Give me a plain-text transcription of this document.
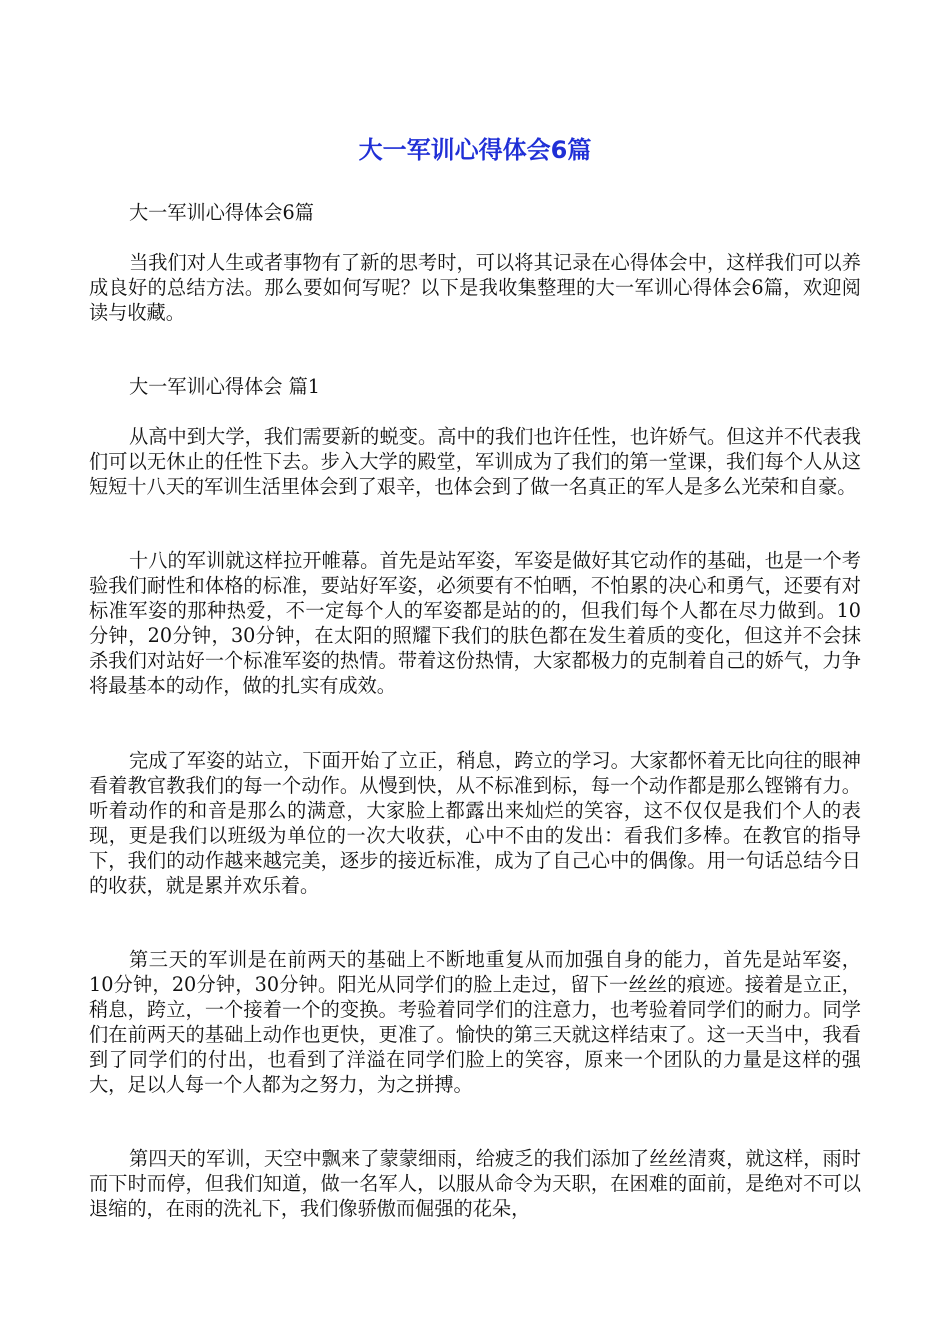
大一军训心得体会6篇

大一军训心得体会6篇

当我们对人生或者事物有了新的思考时，可以将其记录在心得体会中，这样我们可以养成良好的总结方法。那么要如何写呢？以下是我收集整理的大一军训心得体会6篇，欢迎阅读与收藏。

大一军训心得体会 篇1

从高中到大学，我们需要新的蜕变。高中的我们也许任性，也许娇气。但这并不代表我们可以无休止的任性下去。步入大学的殿堂，军训成为了我们的第一堂课，我们每个人从这短短十八天的军训生活里体会到了艰辛，也体会到了做一名真正的军人是多么光荣和自豪。

十八的军训就这样拉开帷幕。首先是站军姿，军姿是做好其它动作的基础，也是一个考验我们耐性和体格的标准，要站好军姿，必须要有不怕晒，不怕累的决心和勇气，还要有对标准军姿的那种热爱，不一定每个人的军姿都是站的的，但我们每个人都在尽力做到。10分钟，20分钟，30分钟，在太阳的照耀下我们的肤色都在发生着质的变化，但这并不会抹杀我们对站好一个标准军姿的热情。带着这份热情，大家都极力的克制着自己的娇气，力争将最基本的动作，做的扎实有成效。

完成了军姿的站立，下面开始了立正，稍息，跨立的学习。大家都怀着无比向往的眼神看着教官教我们的每一个动作。从慢到快，从不标准到标，每一个动作都是那么铿锵有力。听着动作的和音是那么的满意，大家脸上都露出来灿烂的笑容，这不仅仅是我们个人的表现，更是我们以班级为单位的一次大收获，心中不由的发出：看我们多棒。在教官的指导下，我们的动作越来越完美，逐步的接近标准，成为了自己心中的偶像。用一句话总结今日的收获，就是累并欢乐着。

第三天的军训是在前两天的基础上不断地重复从而加强自身的能力，首先是站军姿，10分钟，20分钟，30分钟。阳光从同学们的脸上走过，留下一丝丝的痕迹。接着是立正，稍息，跨立，一个接着一个的变换。考验着同学们的注意力，也考验着同学们的耐力。同学们在前两天的基础上动作也更快，更准了。愉快的第三天就这样结束了。这一天当中，我看到了同学们的付出，也看到了洋溢在同学们脸上的笑容，原来一个团队的力量是这样的强大，足以人每一个人都为之努力，为之拼搏。

第四天的军训，天空中飘来了蒙蒙细雨，给疲乏的我们添加了丝丝清爽，就这样，雨时而下时而停，但我们知道，做一名军人，以服从命令为天职，在困难的面前，是绝对不可以退缩的，在雨的洗礼下，我们像骄傲而倔强的花朵，
